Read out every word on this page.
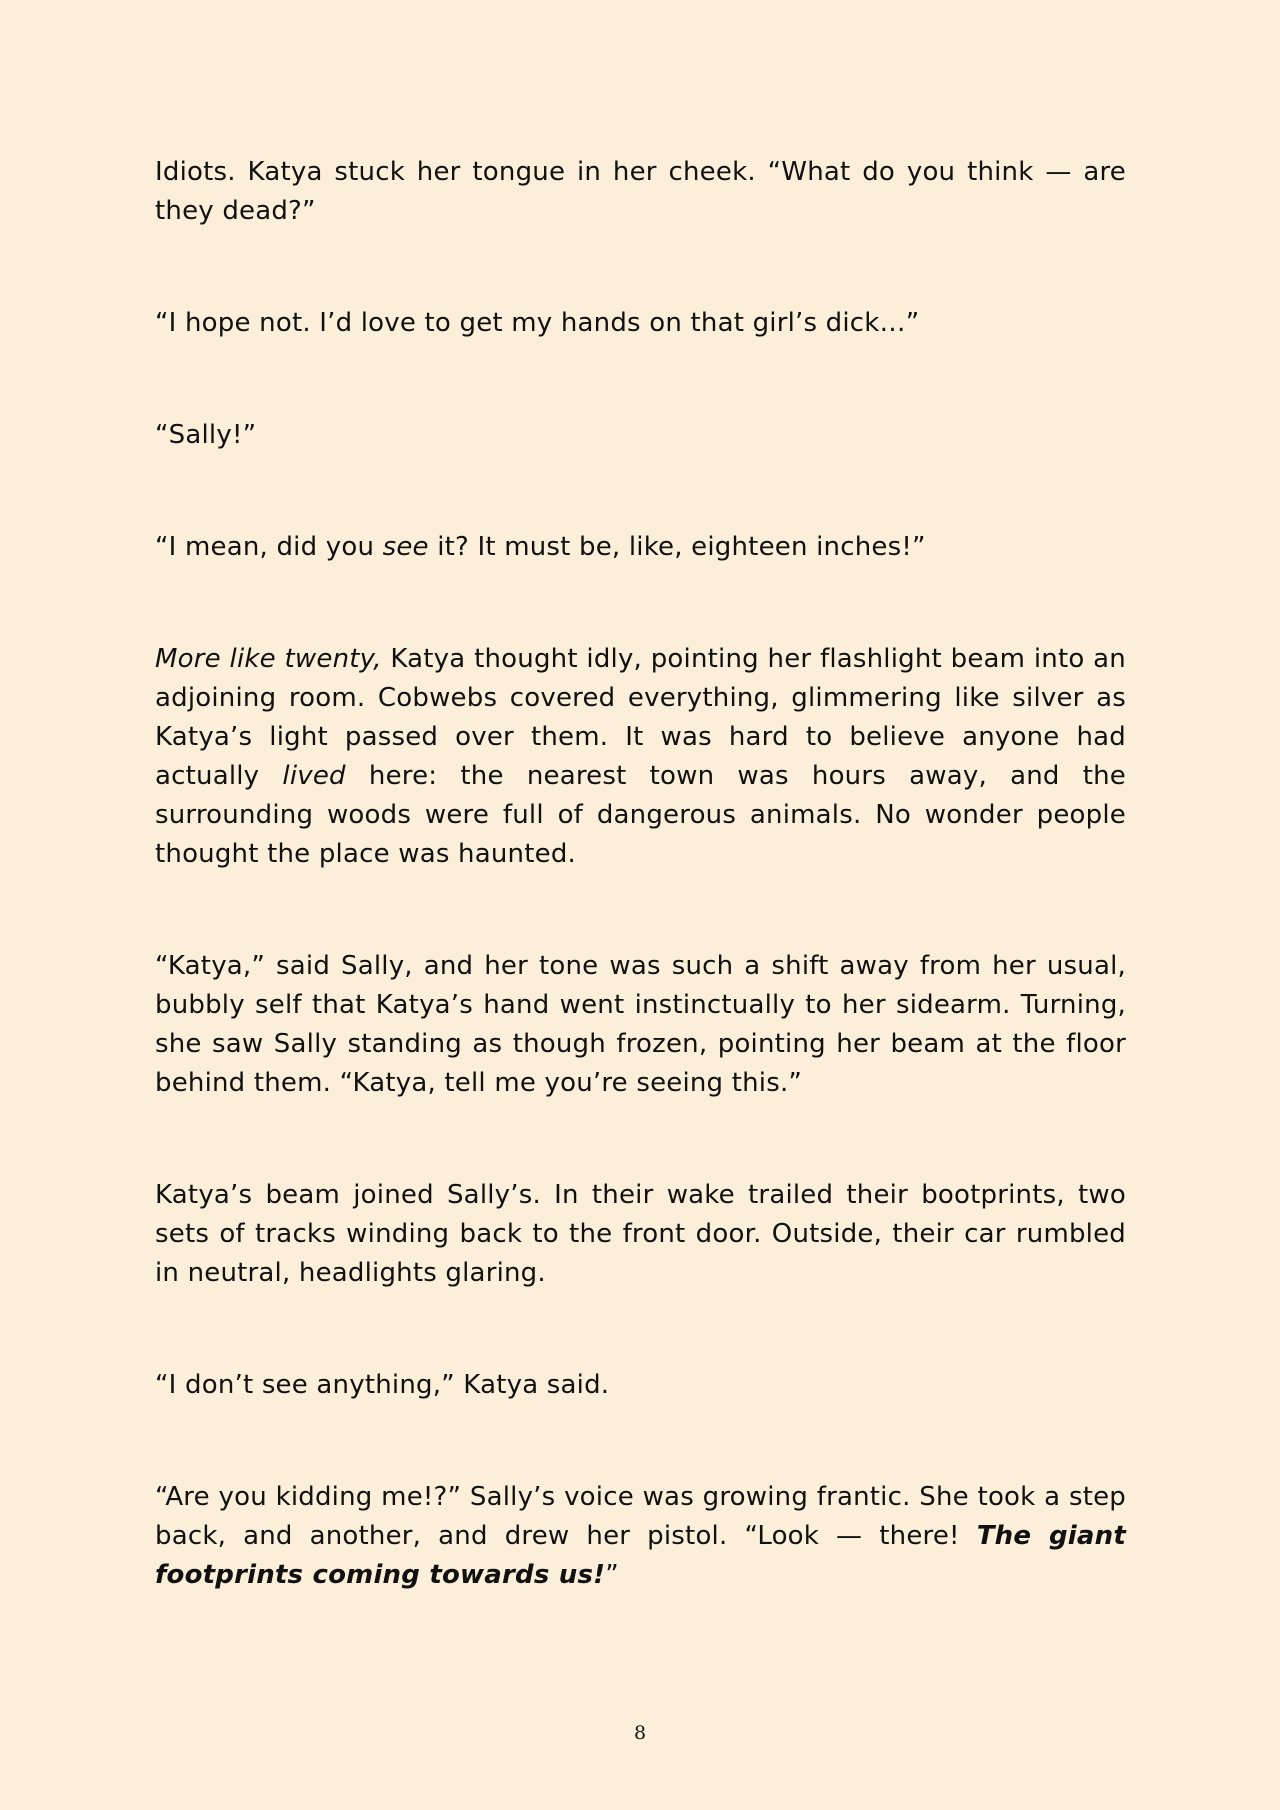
Idiots. Katya stuck her tongue in her cheek. “What do you think — are they dead?”

“I hope not. I’d love to get my hands on that girl’s dick…”

“Sally!”

“I mean, did you see it? It must be, like, eighteen inches!”

More like twenty, Katya thought idly, pointing her flashlight beam into an adjoining room. Cobwebs covered everything, glimmering like silver as Katya’s light passed over them. It was hard to believe anyone had actually lived here: the nearest town was hours away, and the surrounding woods were full of dangerous animals. No wonder people thought the place was haunted.

“Katya,” said Sally, and her tone was such a shift away from her usual, bubbly self that Katya’s hand went instinctually to her sidearm. Turning, she saw Sally standing as though frozen, pointing her beam at the floor behind them. “Katya, tell me you’re seeing this.”

Katya’s beam joined Sally’s. In their wake trailed their bootprints, two sets of tracks winding back to the front door. Outside, their car rumbled in neutral, headlights glaring.

“I don’t see anything,” Katya said.

“Are you kidding me!?” Sally’s voice was growing frantic. She took a step back, and another, and drew her pistol. “Look — there! The giant footprints coming towards us!”

8
